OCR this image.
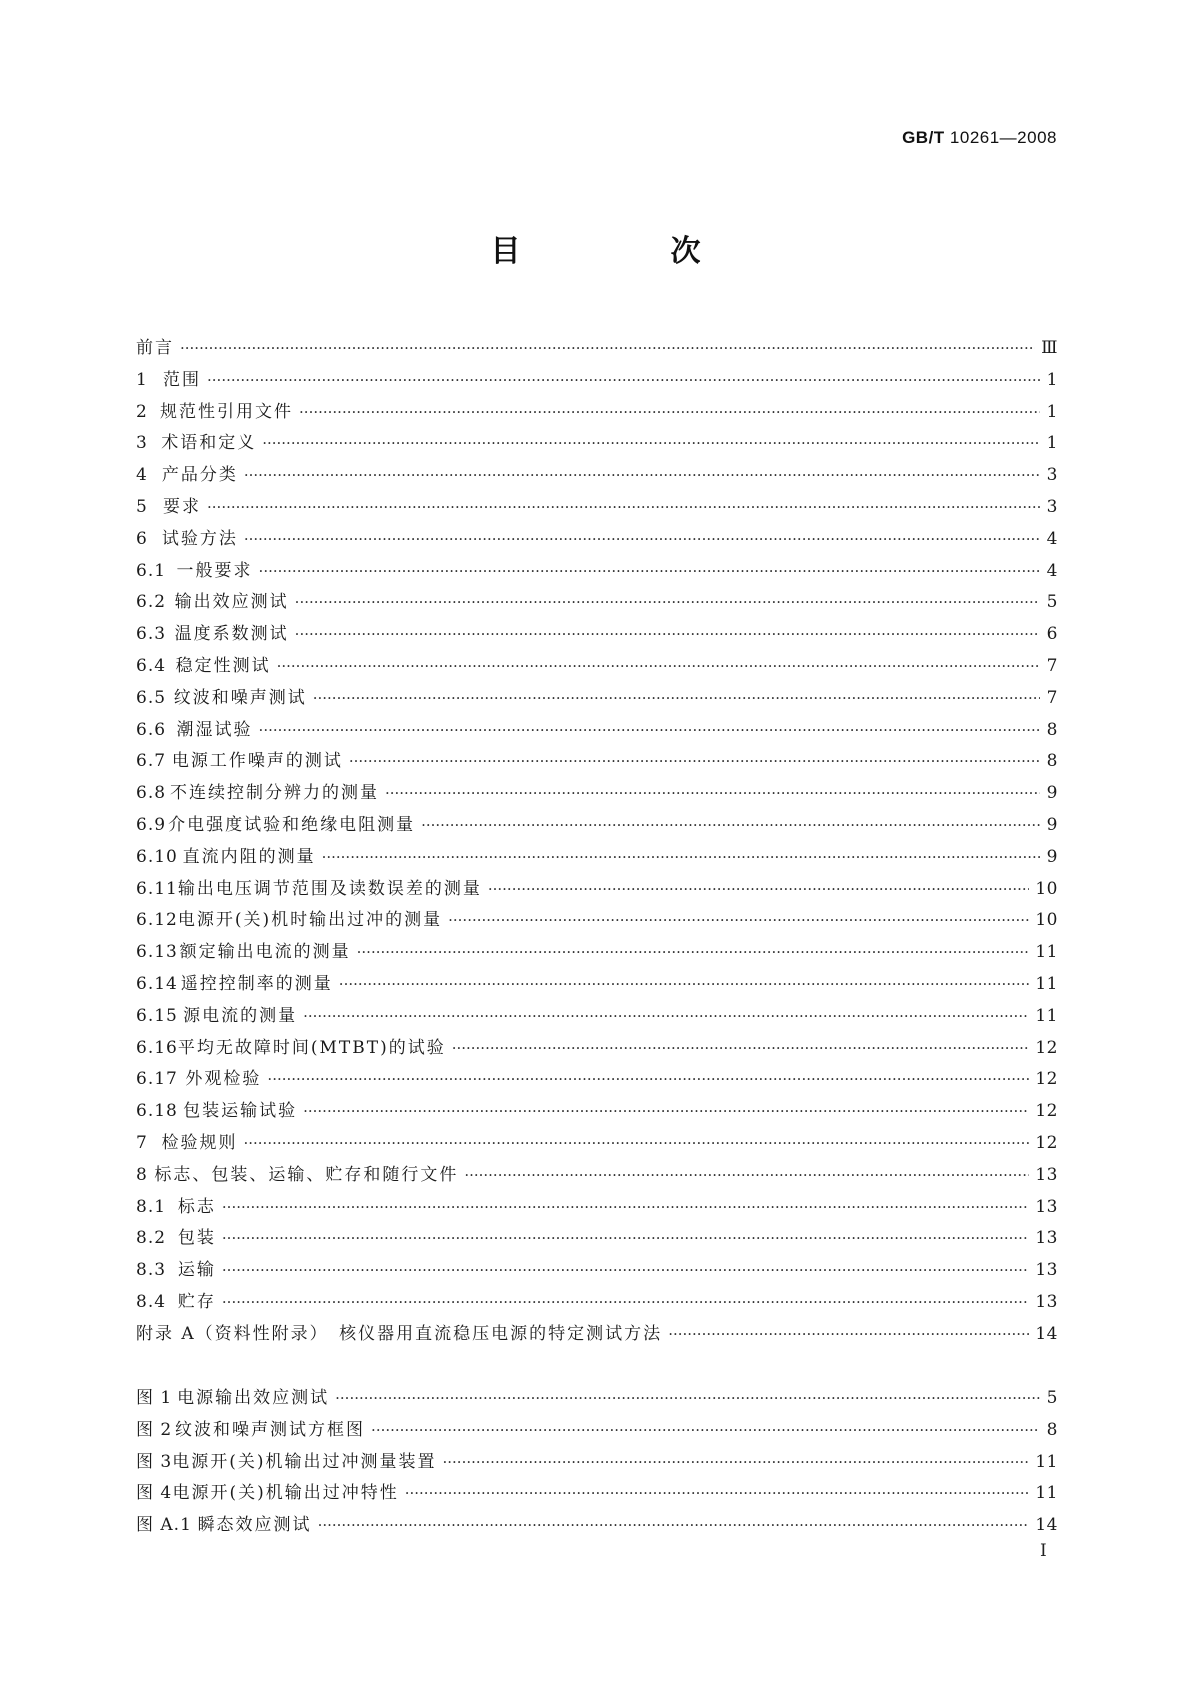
GB/T 10261—2008
目　次
前言 ·····	Ⅲ
1 范围 ·····	1
2 规范性引用文件 ·····	1
3 术语和定义 ·····	1
4 产品分类 ·····	3
5 要求 ·····	3
6 试验方法 ·····	4
6.1 一般要求 ·····	4
6.2 输出效应测试 ·····	5
6.3 温度系数测试 ·····	6
6.4 稳定性测试 ·····	7
6.5 纹波和噪声测试 ·····	7
6.6 潮湿试验 ·····	8
6.7 电源工作噪声的测试 ·····	8
6.8 不连续控制分辨力的测量 ·····	9
6.9 介电强度试验和绝缘电阻测量 ·····	9
6.10 直流内阻的测量 ·····	9
6.11 输出电压调节范围及读数误差的测量 ·····	10
6.12 电源开(关)机时输出过冲的测量 ·····	10
6.13 额定输出电流的测量 ·····	11
6.14 遥控控制率的测量 ·····	11
6.15 源电流的测量 ·····	11
6.16 平均无故障时间(MTBT)的试验 ·····	12
6.17 外观检验 ·····	12
6.18 包装运输试验 ·····	12
7 检验规则 ·····	12
8 标志、包装、运输、贮存和随行文件 ·····	13
8.1 标志 ·····	13
8.2 包装 ·····	13
8.3 运输 ·····	13
8.4 贮存 ·····	13
附录 A（资料性附录）　核仪器用直流稳压电源的特定测试方法 ·····	14
图 1 电源输出效应测试 ·····	5
图 2 纹波和噪声测试方框图 ·····	8
图 3 电源开(关)机输出过冲测量装置 ·····	11
图 4 电源开(关)机输出过冲特性 ·····	11
图 A.1 瞬态效应测试 ·····	14
I
